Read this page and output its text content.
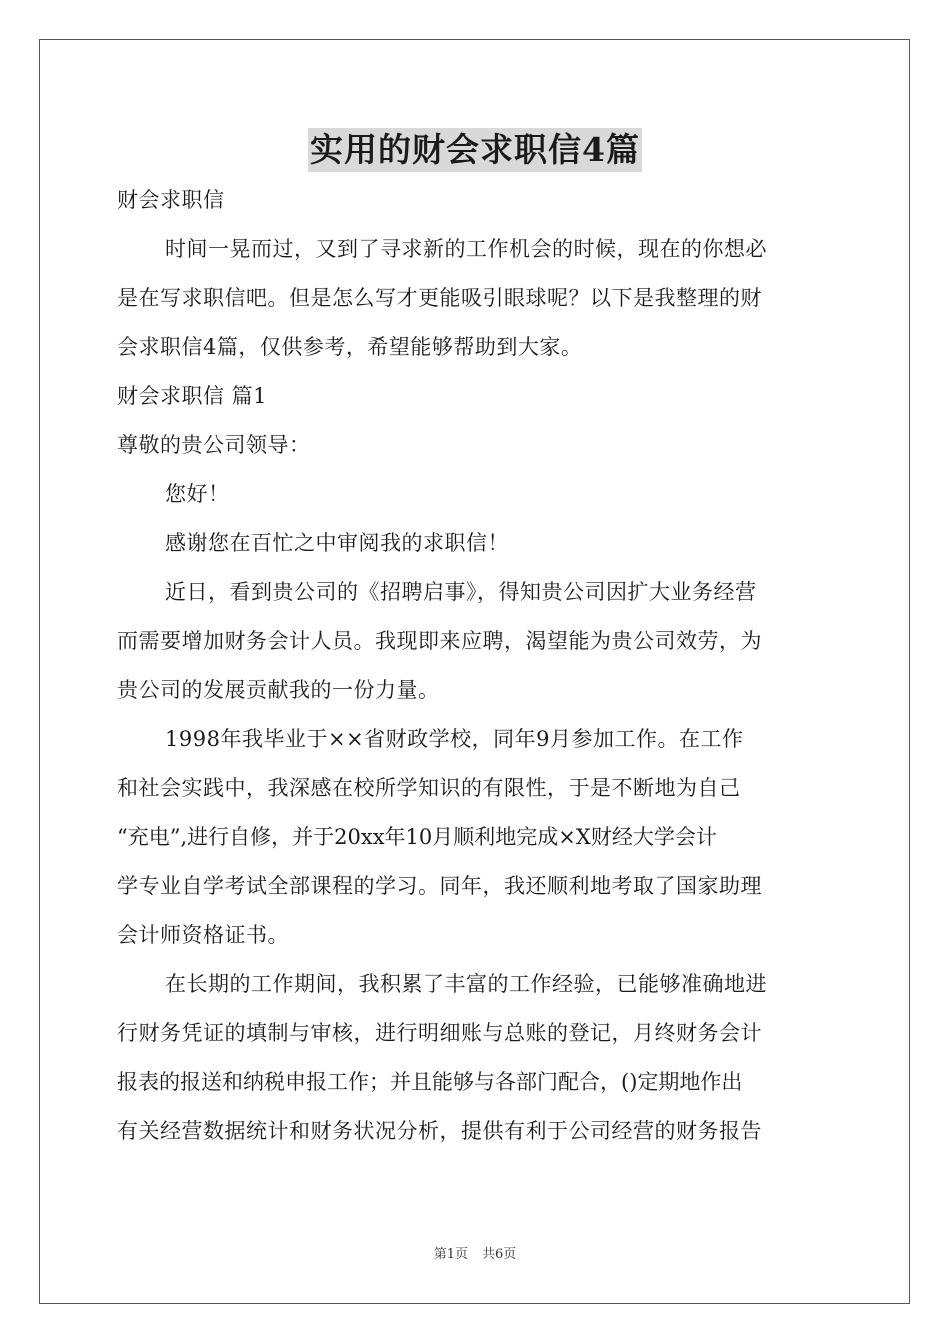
实用的财会求职信4篇
财会求职信
时间一晃而过，又到了寻求新的工作机会的时候，现在的你想必
是在写求职信吧。但是怎么写才更能吸引眼球呢？以下是我整理的财
会求职信4篇，仅供参考，希望能够帮助到大家。
财会求职信 篇1
尊敬的贵公司领导：
您好！
感谢您在百忙之中审阅我的求职信！
近日，看到贵公司的《招聘启事》，得知贵公司因扩大业务经营
而需要增加财务会计人员。我现即来应聘，渴望能为贵公司效劳，为
贵公司的发展贡献我的一份力量。
1998年我毕业于××省财政学校，同年9月参加工作。在工作
和社会实践中，我深感在校所学知识的有限性，于是不断地为自己
“充电”,进行自修，并于20xx年10月顺利地完成×X财经大学会计
学专业自学考试全部课程的学习。同年，我还顺利地考取了国家助理
会计师资格证书。
在长期的工作期间，我积累了丰富的工作经验，已能够准确地进
行财务凭证的填制与审核，进行明细账与总账的登记，月终财务会计
报表的报送和纳税申报工作；并且能够与各部门配合，()定期地作出
有关经营数据统计和财务状况分析，提供有利于公司经营的财务报告
第1页 共6页
